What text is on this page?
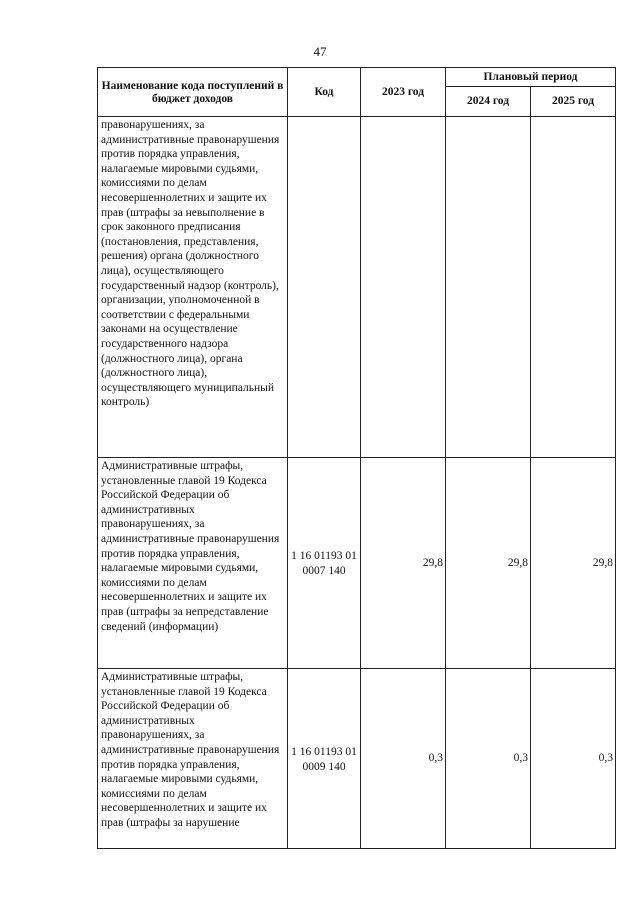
47
Наименование кода поступлений в бюджет доходов	Код	2023 год	Плановый период	
			2024 год	2025 год
правонарушениях, за административные правонарушения против порядка управления, налагаемые мировыми судьями, комиссиями по делам несовершеннолетних и защите их прав (штрафы за невыполнение в срок законного предписания (постановления, представления, решения) органа (должностного лица), осуществляющего государственный надзор (контроль), организации, уполномоченной в соответствии с федеральными законами на осуществление государственного надзора (должностного лица), органа (должностного лица), осуществляющего муниципальный контроль)				
Административные штрафы, установленные главой 19 Кодекса Российской Федерации об административных правонарушениях, за административные правонарушения против порядка управления, налагаемые мировыми судьями, комиссиями по делам несовершеннолетних и защите их прав (штрафы за непредставление сведений (информации)	1 16 01193 01 0007 140	29,8	29,8	29,8
Административные штрафы, установленные главой 19 Кодекса Российской Федерации об административных правонарушениях, за административные правонарушения против порядка управления, налагаемые мировыми судьями, комиссиями по делам несовершеннолетних и защите их прав (штрафы за нарушение	1 16 01193 01 0009 140	0,3	0,3	0,3
